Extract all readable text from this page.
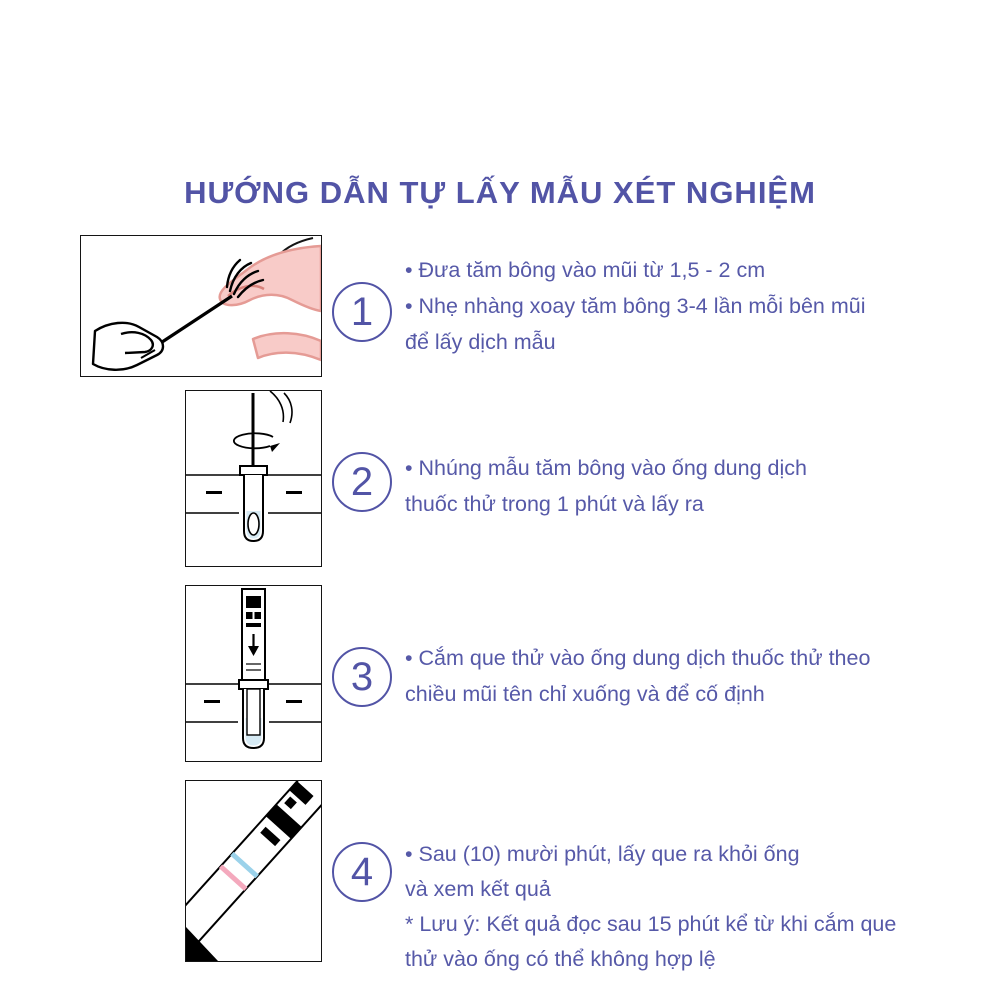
HƯỚNG DẪN TỰ LẤY MẪU XÉT NGHIỆM
1
• Đưa tăm bông vào mũi từ 1,5 - 2 cm
• Nhẹ nhàng xoay tăm bông 3-4 lần mỗi bên mũi
để lấy dịch mẫu
2 • Nhúng mẫu tăm bông vào ống dung dịch
thuốc thử trong 1 phút và lấy ra
3 • Cắm que thử vào ống dung dịch thuốc thử theo
chiều mũi tên chỉ xuống và để cố định
4 • Sau (10) mười phút, lấy que ra khỏi ống
và xem kết quả
* Lưu ý: Kết quả đọc sau 15 phút kể từ khi cắm que
thử vào ống có thể không hợp lệ
